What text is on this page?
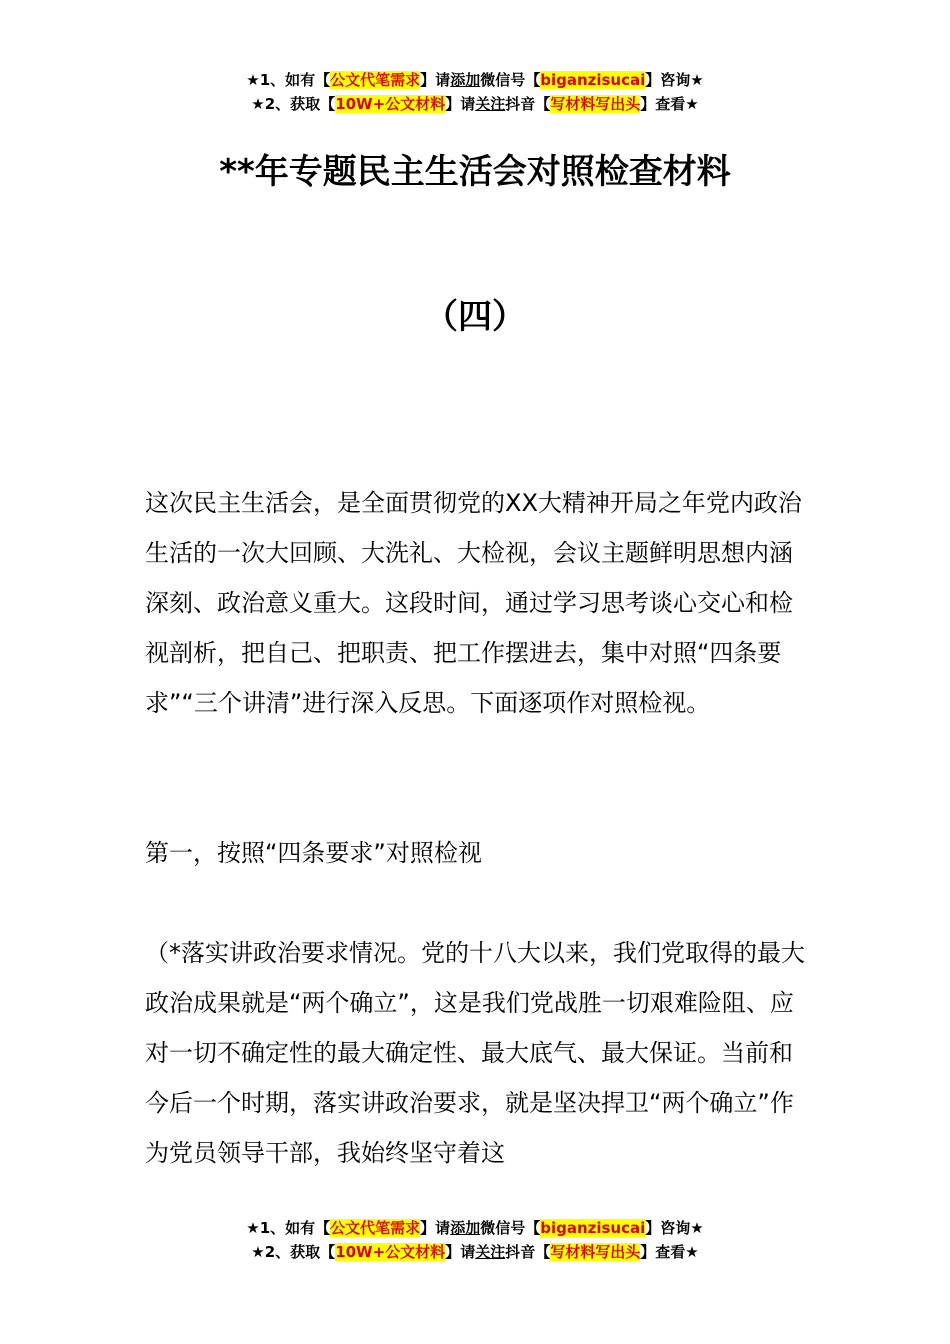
★1、如有【公文代笔需求】请添加微信号【biganzisucai】咨询★
★2、获取【10W+公文材料】请关注抖音【写材料写出头】查看★
**年专题民主生活会对照检查材料
（四）

这次民主生活会，是全面贯彻党的XX大精神开局之年党内政治生活的一次大回顾、大洗礼、大检视，会议主题鲜明思想内涵深刻、政治意义重大。这段时间，通过学习思考谈心交心和检视剖析，把自己、把职责、把工作摆进去，集中对照“四条要求”“三个讲清”进行深入反思。下面逐项作对照检视。

第一，按照“四条要求”对照检视

（*落实讲政治要求情况。党的十八大以来，我们党取得的最大政治成果就是“两个确立”，这是我们党战胜一切艰难险阻、应对一切不确定性的最大确定性、最大底气、最大保证。当前和今后一个时期，落实讲政治要求，就是坚决捍卫“两个确立”作为党员领导干部，我始终坚守着这

★1、如有【公文代笔需求】请添加微信号【biganzisucai】咨询★
★2、获取【10W+公文材料】请关注抖音【写材料写出头】查看★
